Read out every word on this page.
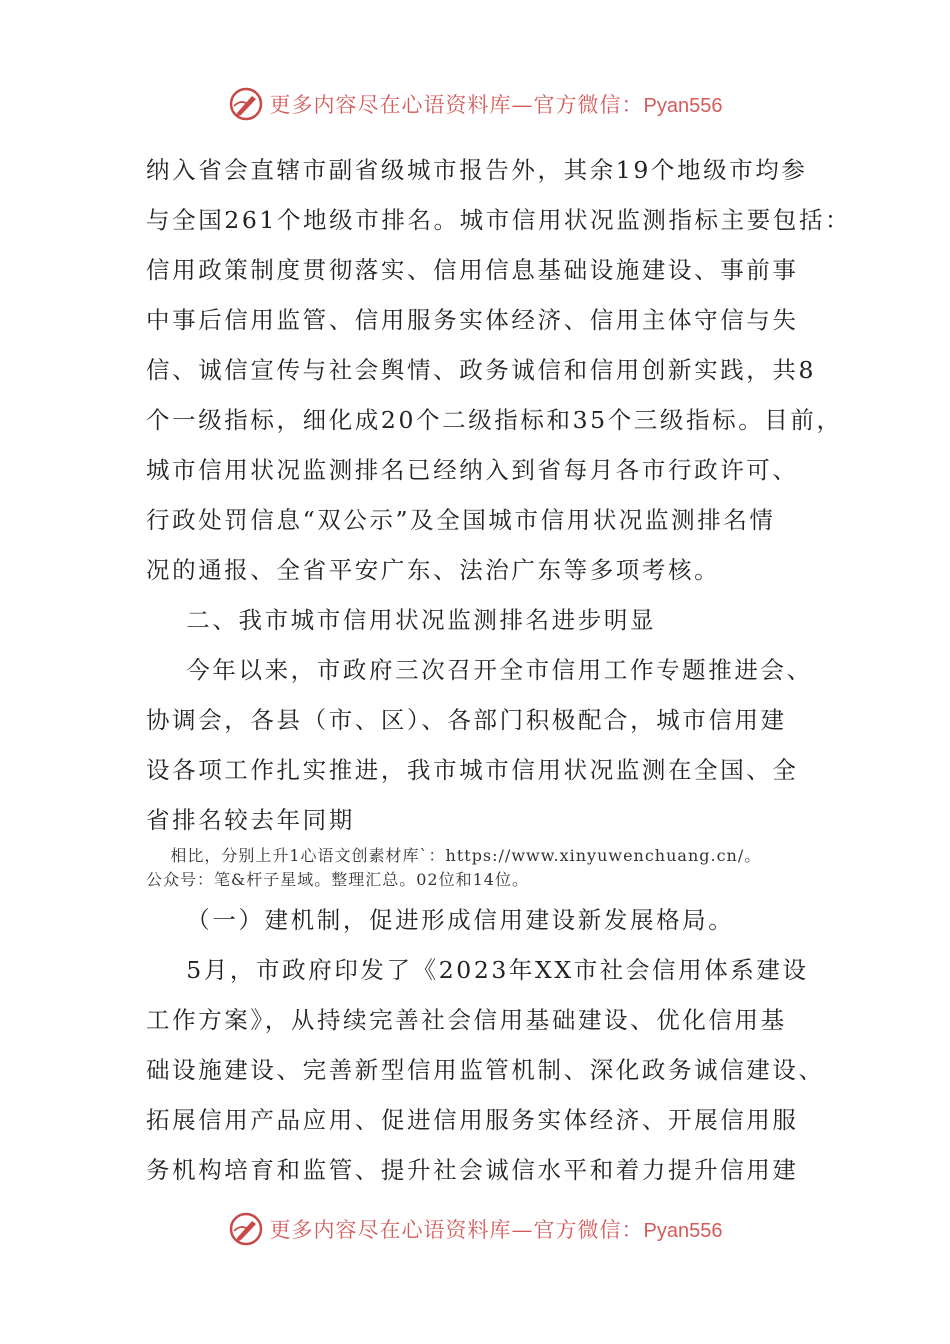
更多内容尽在心语资料库—官方微信：Pyan556
纳入省会直辖市副省级城市报告外，其余19个地级市均参
与全国261个地级市排名。城市信用状况监测指标主要包括：
信用政策制度贯彻落实、信用信息基础设施建设、事前事
中事后信用监管、信用服务实体经济、信用主体守信与失
信、诚信宣传与社会舆情、政务诚信和信用创新实践，共8
个一级指标，细化成20个二级指标和35个三级指标。目前，
城市信用状况监测排名已经纳入到省每月各市行政许可、
行政处罚信息“双公示”及全国城市信用状况监测排名情
况的通报、全省平安广东、法治广东等多项考核。
二、我市城市信用状况监测排名进步明显
今年以来，市政府三次召开全市信用工作专题推进会、
协调会，各县（市、区）、各部门积极配合，城市信用建
设各项工作扎实推进，我市城市信用状况监测在全国、全
省排名较去年同期
相比，分别上升1心语文创素材库`：https://www.xinyuwenchuang.cn/。
公众号：笔&杆子星域。整理汇总。02位和14位。
（一）建机制，促进形成信用建设新发展格局。
5月，市政府印发了《2023年XX市社会信用体系建设
工作方案》，从持续完善社会信用基础建设、优化信用基
础设施建设、完善新型信用监管机制、深化政务诚信建设、
拓展信用产品应用、促进信用服务实体经济、开展信用服
务机构培育和监管、提升社会诚信水平和着力提升信用建
更多内容尽在心语资料库—官方微信：Pyan556
